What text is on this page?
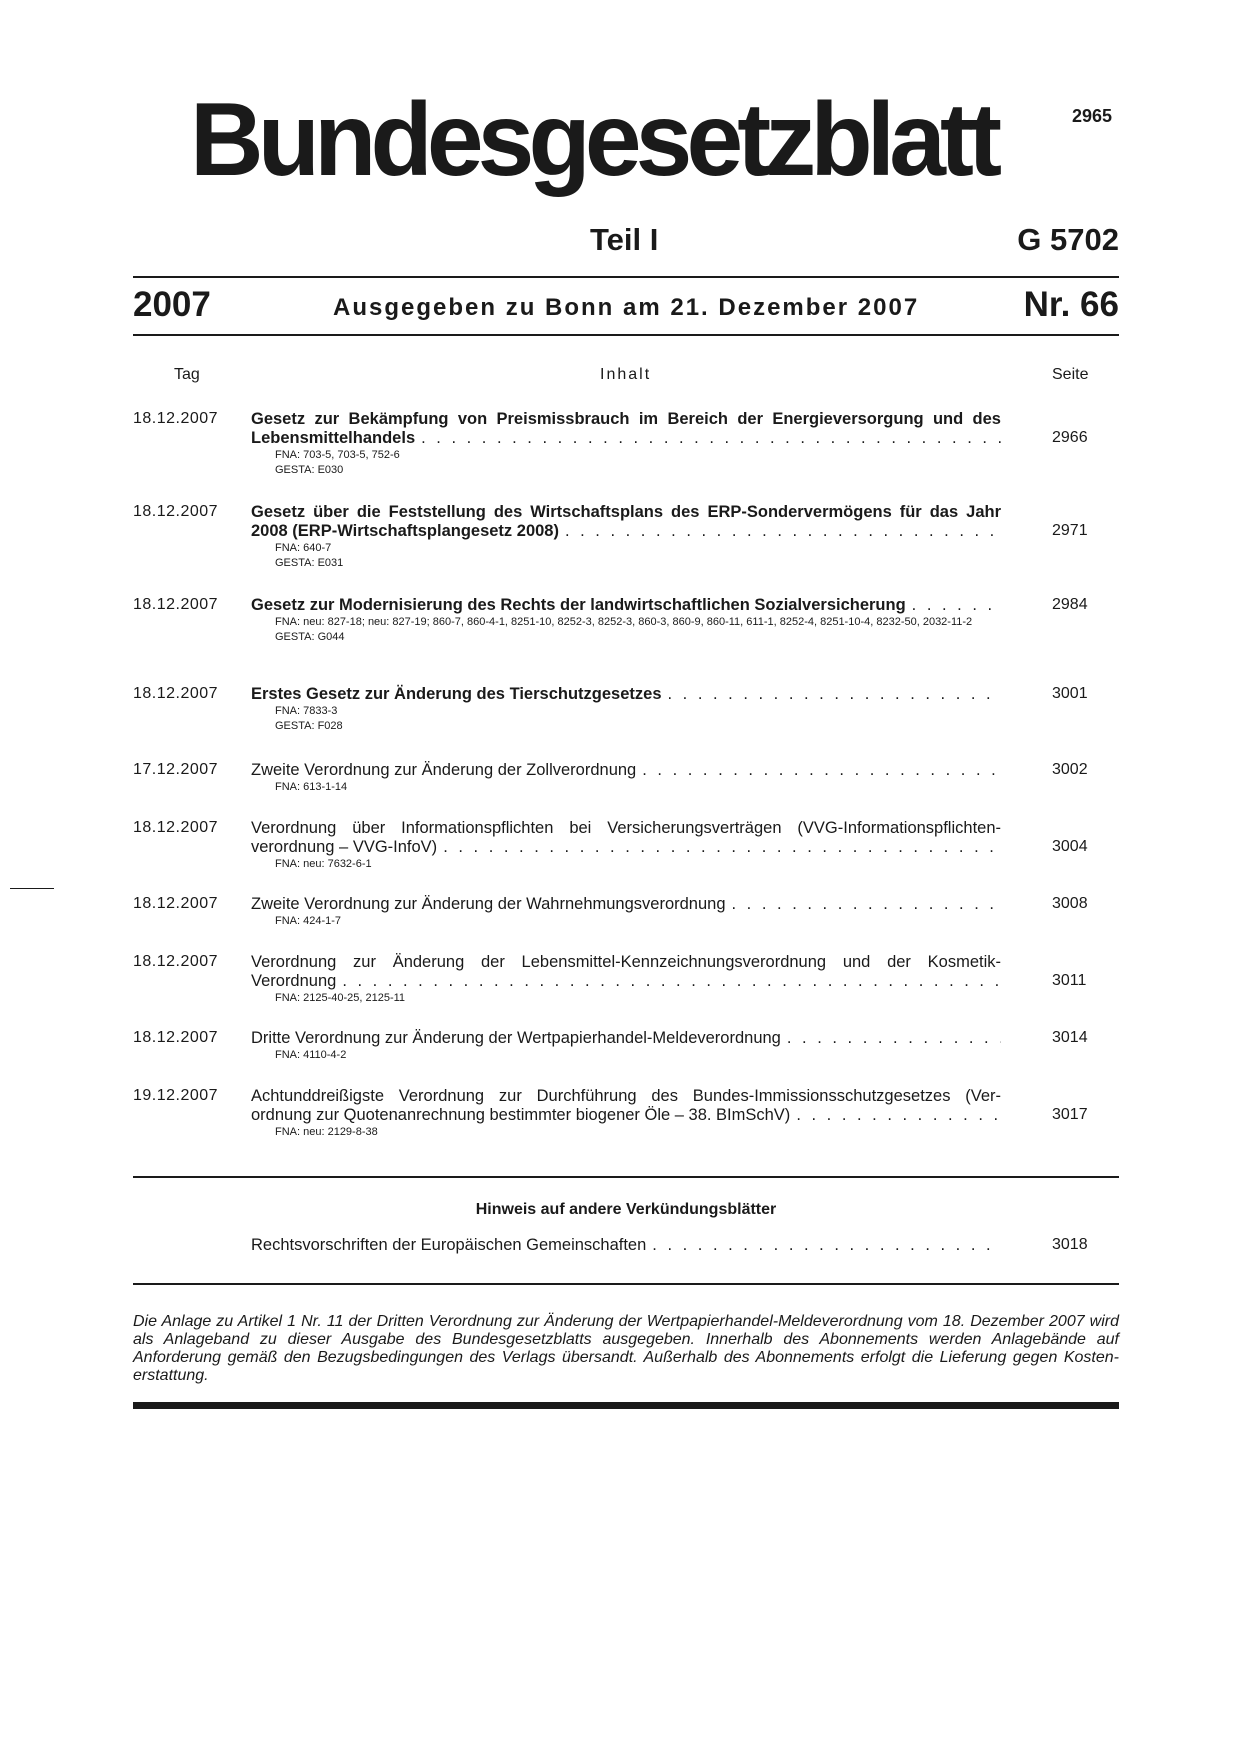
Bundesgesetzblatt	2965
Teil I	G 5702
2007	Ausgegeben zu Bonn am 21. Dezember 2007	Nr. 66
Tag	Inhalt	Seite
18.12.2007 Gesetz zur Bekämpfung von Preismissbrauch im Bereich der Energieversorgung und des
Lebensmittelhandels
. . .
FNA: 703-5, 703-5, 752-6
GESTA: E030
2966
18.12.2007 Gesetz über die Feststellung des Wirtschaftsplans des ERP-Sondervermögens für das Jahr
2008 (ERP-Wirtschaftsplangesetz 2008)
. . .
FNA: 640-7
GESTA: E031
2971
18.12.2007 Gesetz zur Modernisierung des Rechts der landwirtschaftlichen Sozialversicherung
. . .
FNA: neu: 827-18; neu: 827-19; 860-7, 860-4-1, 8251-10, 8252-3, 8252-3, 860-3, 860-9, 860-11, 611-1, 8252-4, 8251-10-4, 8232-50, 2032-11-2
GESTA: G044
2984
18.12.2007 Erstes Gesetz zur Änderung des Tierschutzgesetzes
. . .
FNA: 7833-3
GESTA: F028
3001
17.12.2007 Zweite Verordnung zur Änderung der Zollverordnung
. . .
FNA: 613-1-14
3002
18.12.2007 Verordnung über Informationspflichten bei Versicherungsverträgen (VVG-Informationspflichten-
verordnung – VVG-InfoV)
. . .
FNA: neu: 7632-6-1
3004
18.12.2007 Zweite Verordnung zur Änderung der Wahrnehmungsverordnung
. . .
FNA: 424-1-7
3008
18.12.2007 Verordnung zur Änderung der Lebensmittel-Kennzeichnungsverordnung und der Kosmetik-
Verordnung
. . .
FNA: 2125-40-25, 2125-11
3011
18.12.2007 Dritte Verordnung zur Änderung der Wertpapierhandel-Meldeverordnung
. . .
FNA: 4110-4-2
3014
19.12.2007 Achtunddreißigste Verordnung zur Durchführung des Bundes-Immissionsschutzgesetzes (Ver-
ordnung zur Quotenanrechnung bestimmter biogener Öle – 38. BImSchV)
. . .
FNA: neu: 2129-8-38
3017
Hinweis auf andere Verkündungsblätter
Rechtsvorschriften der Europäischen Gemeinschaften
. . .	3018
Die Anlage zu Artikel 1 Nr. 11 der Dritten Verordnung zur Änderung der Wertpapierhandel-Meldeverordnung vom 18. Dezember 2007 wird als Anlageband zu dieser Ausgabe des Bundesgesetzblatts ausgegeben. Innerhalb des Abonnements werden Anlagebände auf Anforderung gemäß den Bezugsbedingungen des Verlags übersandt. Außerhalb des Abonnements erfolgt die Lieferung gegen Kosten-erstattung.
